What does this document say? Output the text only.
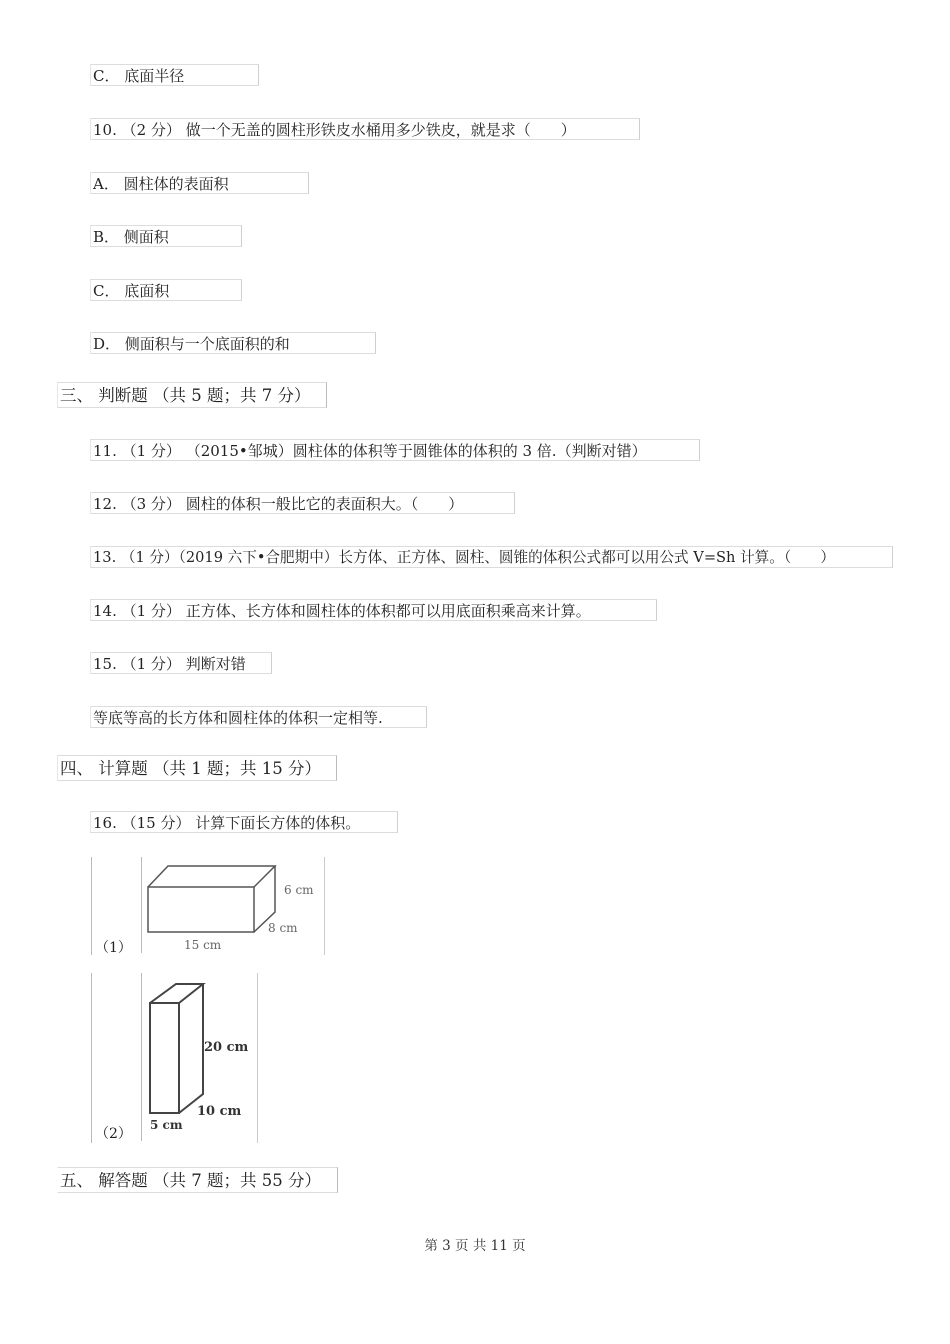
C． 底面半径
10. （2 分） 做一个无盖的圆柱形铁皮水桶用多少铁皮，就是求（　　）
A． 圆柱体的表面积
B． 侧面积
C． 底面积
D． 侧面积与一个底面积的和
三、 判断题 （共 5 题；共 7 分）
11. （1 分） （2015•邹城）圆柱体的体积等于圆锥体的体积的 3 倍.（判断对错）
12. （3 分） 圆柱的体积一般比它的表面积大。（　　）
13. （1 分）（2019 六下•合肥期中）长方体、正方体、圆柱、圆锥的体积公式都可以用公式 V=Sh 计算。（　　）
14. （1 分） 正方体、长方体和圆柱体的体积都可以用底面积乘高来计算。
15. （1 分） 判断对错
等底等高的长方体和圆柱体的体积一定相等.
四、 计算题 （共 1 题；共 15 分）
16. （15 分） 计算下面长方体的体积。
（1）
6 cm
8 cm
15 cm
（2）
20 cm
10 cm
5 cm
五、 解答题 （共 7 题；共 55 分）
第 3 页 共 11 页
